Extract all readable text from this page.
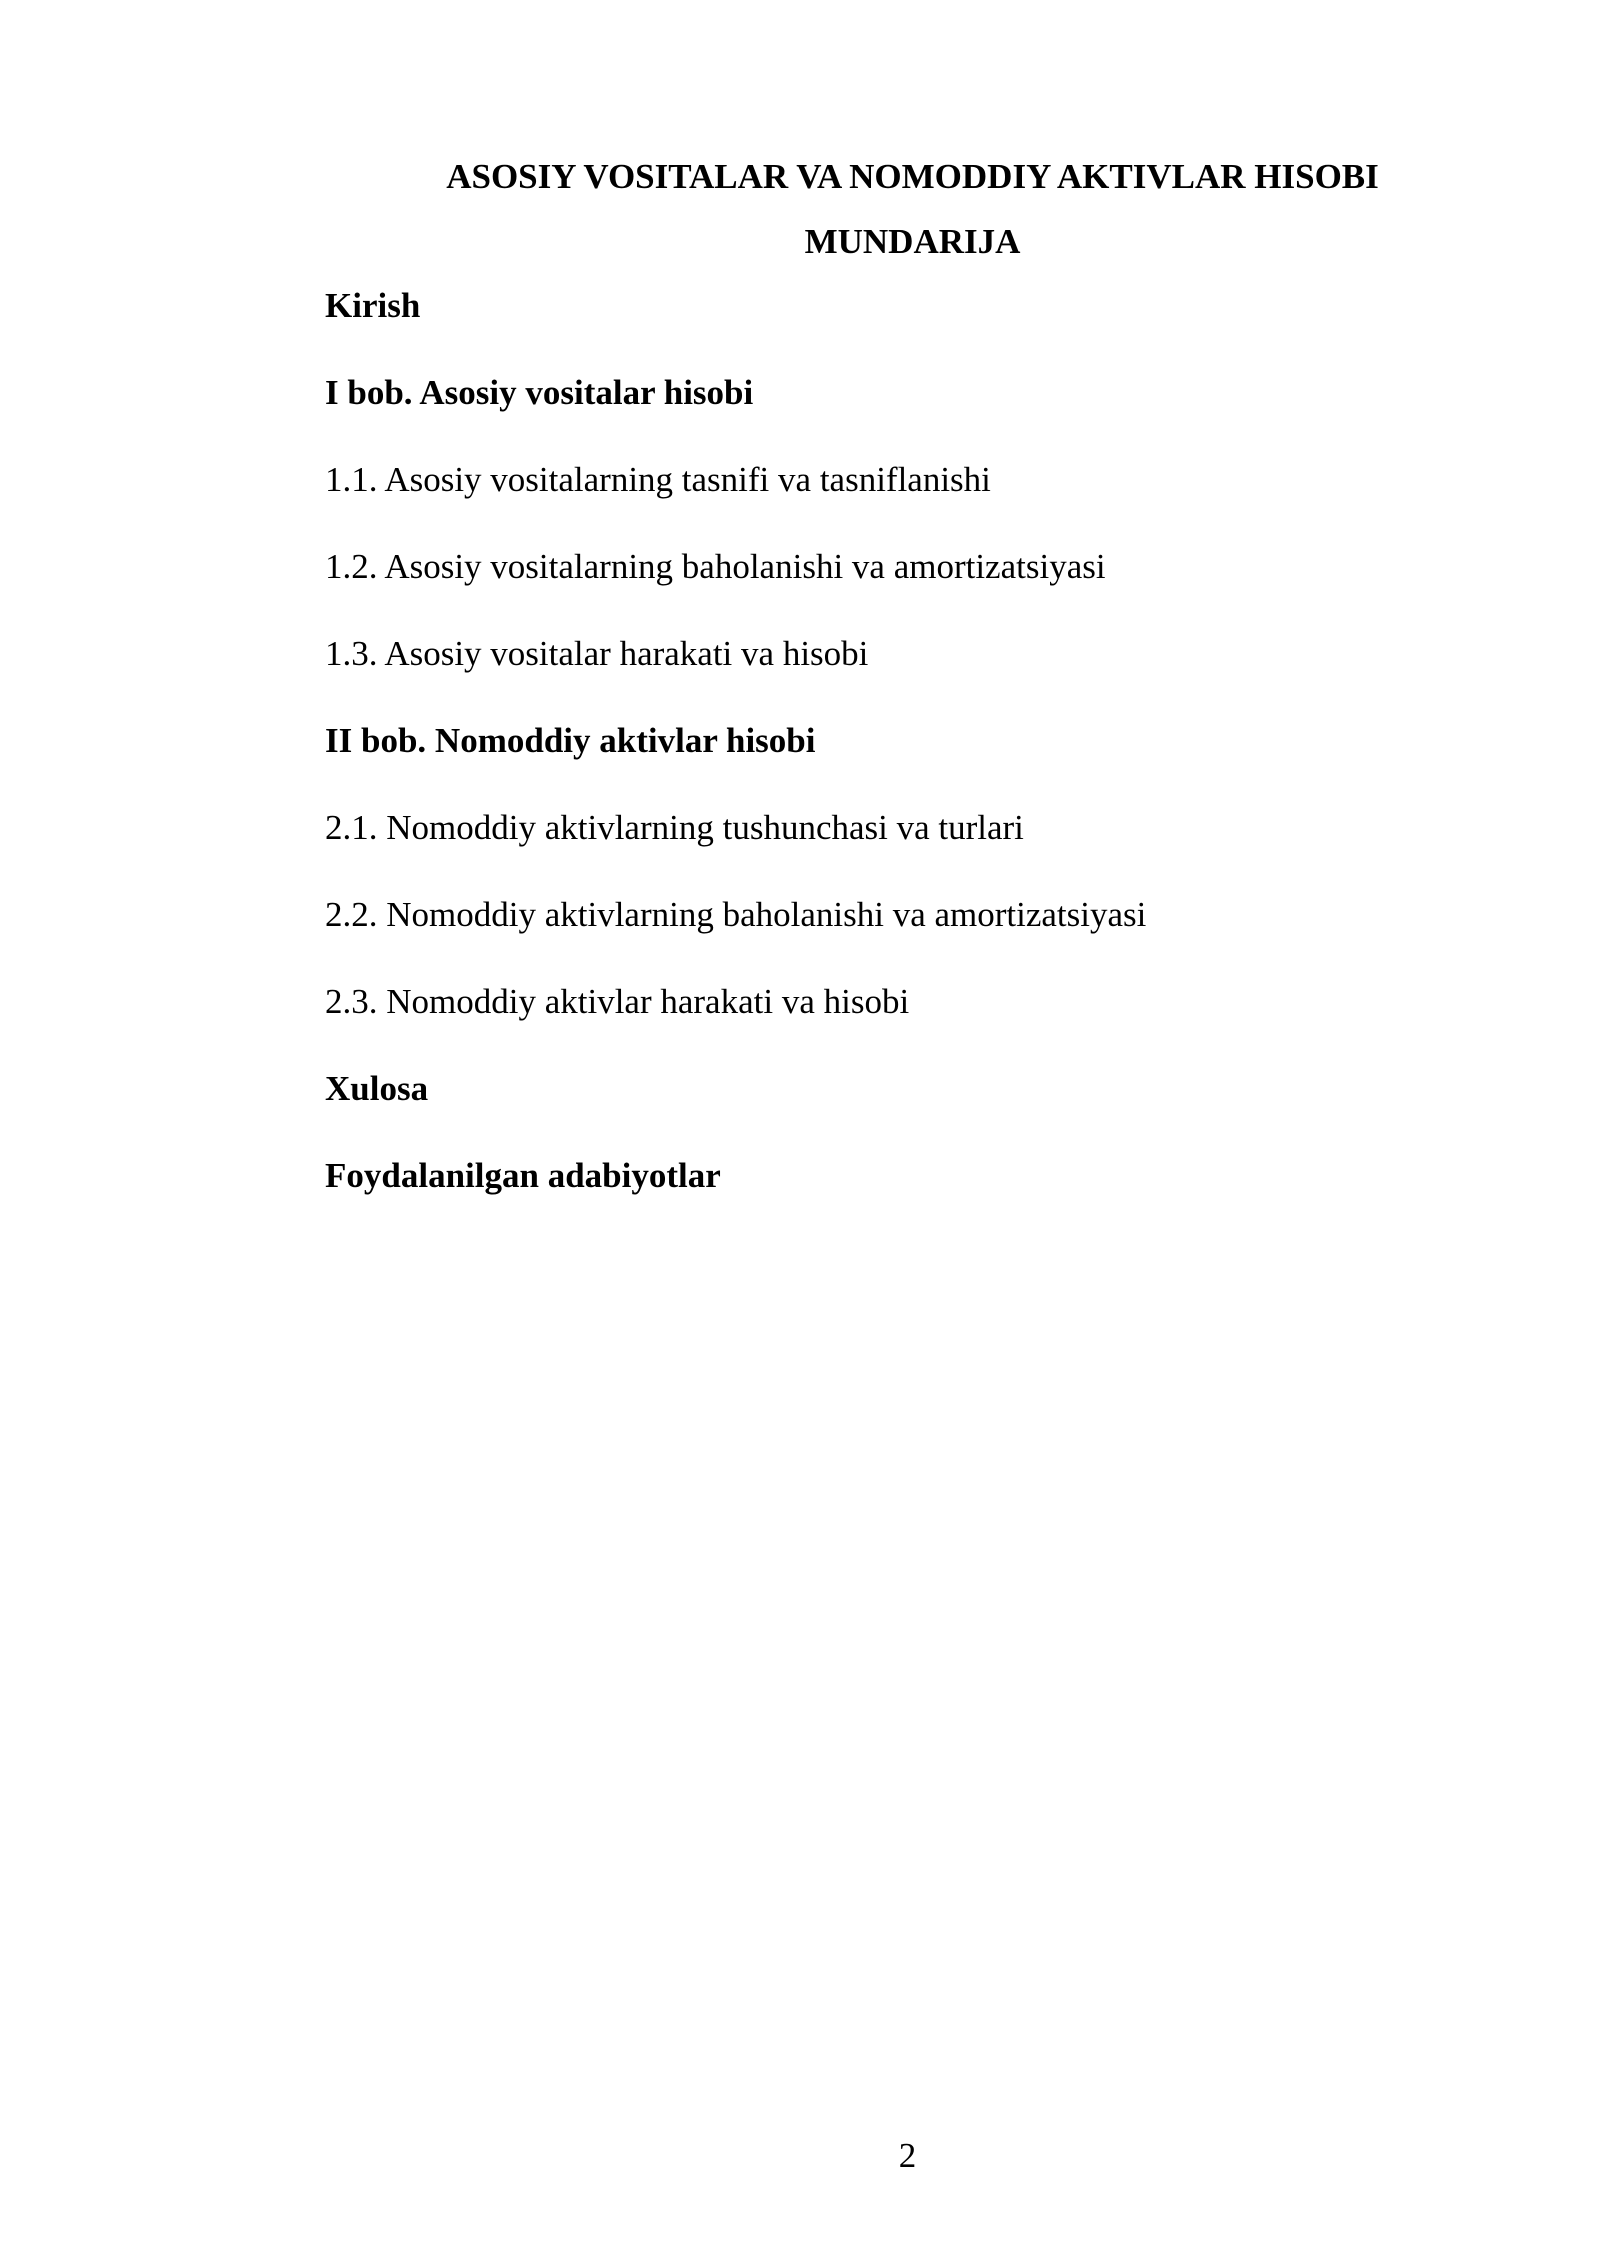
ASOSIY VOSITALAR VA NOMODDIY AKTIVLAR HISOBI
MUNDARIJA
Kirish
I bob. Asosiy vositalar hisobi
1.1. Asosiy vositalarning tasnifi va tasniflanishi
1.2. Asosiy vositalarning baholanishi va amortizatsiyasi
1.3. Asosiy vositalar harakati va hisobi
II bob. Nomoddiy aktivlar hisobi
2.1. Nomoddiy aktivlarning tushunchasi va turlari
2.2. Nomoddiy aktivlarning baholanishi va amortizatsiyasi
2.3. Nomoddiy aktivlar harakati va hisobi
Xulosa
Foydalanilgan adabiyotlar

2
